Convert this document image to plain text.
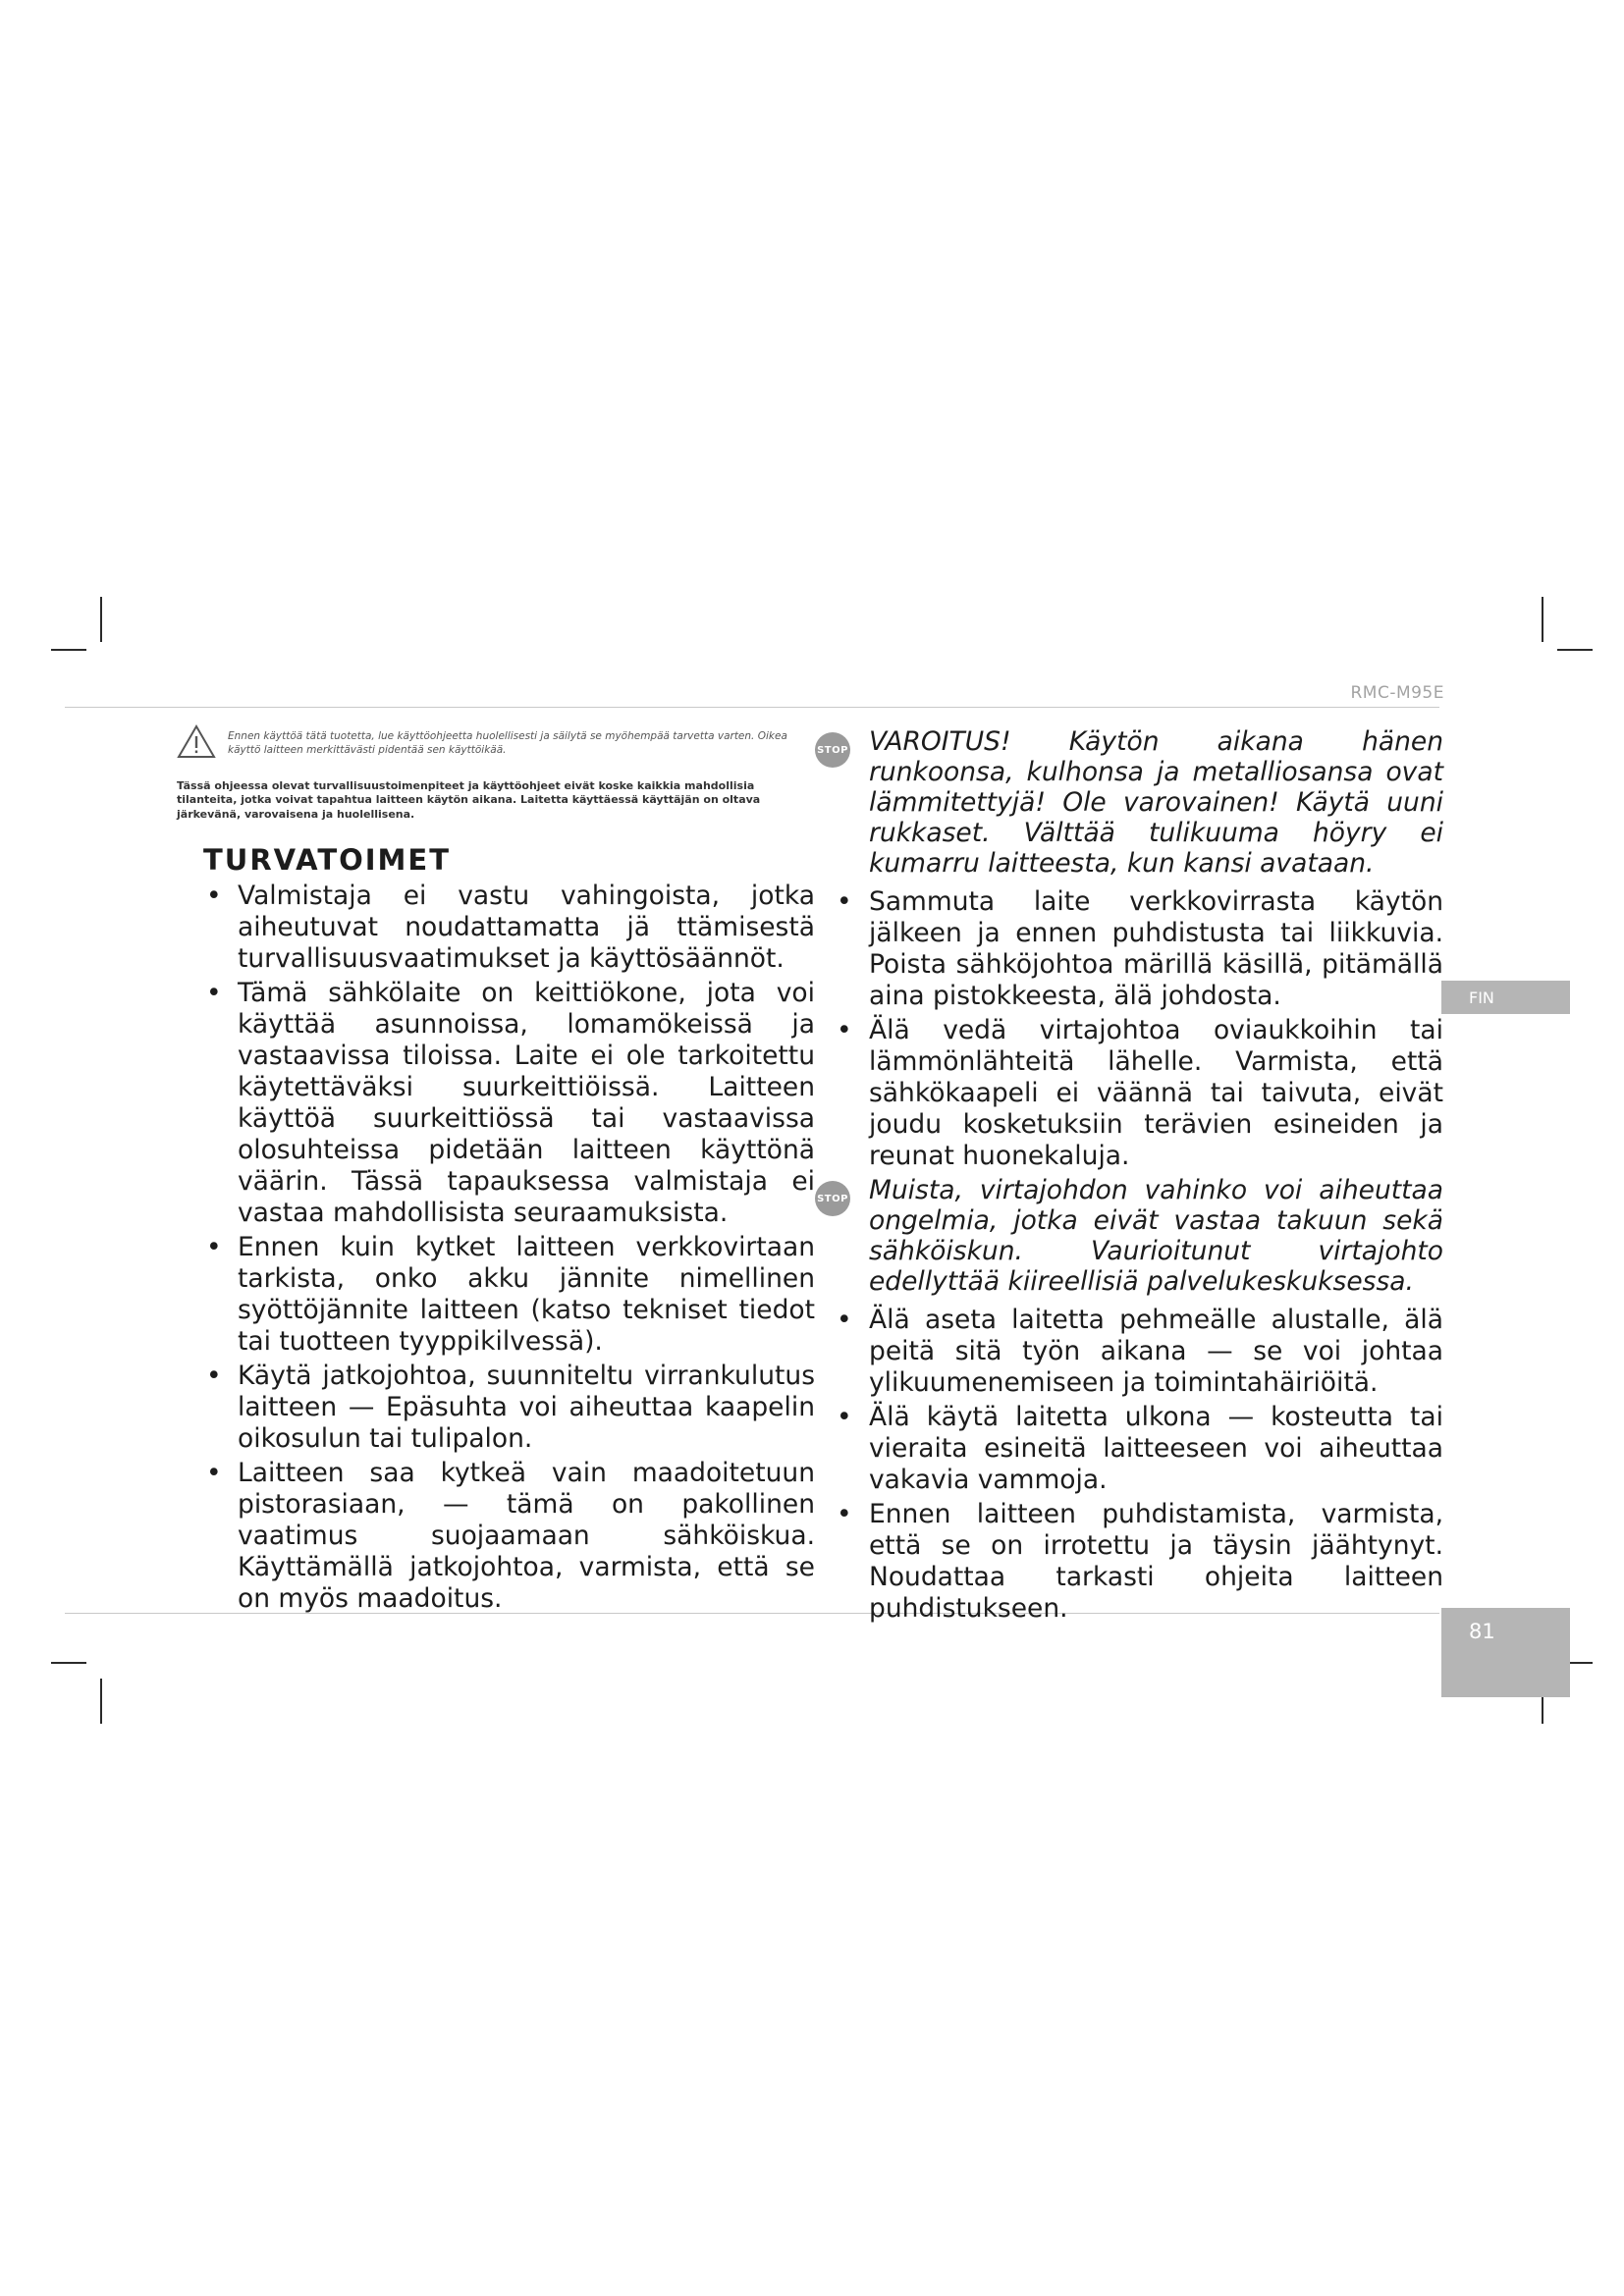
RMC-M95E
FIN
81
Ennen käyttöä tätä tuotetta, lue käyttöohjeetta huolellisesti ja säilytä se myöhempää tarvetta varten. Oikea käyttö laitteen merkittävästi pidentää sen käyttöikää.

Tässä ohjeessa olevat turvallisuustoimenpiteet ja käyttöohjeet eivät koske kaikkia mahdollisia tilanteita, jotka voivat tapahtua laitteen käytön aikana. Laitetta käyttäessä käyttäjän on oltava järkevänä, varovaisena ja huolellisena.

TURVATOIMET
• Valmistaja ei vastu vahingoista, jotka aiheutuvat noudattamatta jä ttämisestä turvallisuusvaatimukset ja käyttösäännöt.
• Tämä sähkölaite on keittiökone, jota voi käyttää asunnoissa, lomamökeissä ja vastaavissa tiloissa. Laite ei ole tarkoitettu käytettäväksi suurkeittiöissä. Laitteen käyttöä suurkeittiössä tai vastaavissa olosuhteissa pidetään laitteen käyttönä väärin. Tässä tapauksessa valmistaja ei vastaa mahdollisista seuraamuksista.
• Ennen kuin kytket laitteen verkkovirtaan tarkista, onko akku jännite nimellinen syöttöjännite laitteen (katso tekniset tiedot tai tuotteen tyyppikilvessä).
• Käytä jatkojohtoa, suunniteltu virrankulutus laitteen — Epäsuhta voi aiheuttaa kaapelin oikosulun tai tulipalon.
• Laitteen saa kytkeä vain maadoitetuun pistorasiaan, — tämä on pakollinen vaatimus suojaamaan sähköiskua. Käyttämällä jatkojohtoa, varmista, että se on myös maadoitus.
STOP VAROITUS! Käytön aikana hänen runkoonsa, kulhonsa ja metalliosansa ovat lämmitettyjä! Ole varovainen! Käytä uuni rukkaset. Välttää tulikuuma höyry ei kumarru laitteesta, kun kansi avataan.
• Sammuta laite verkkovirrasta käytön jälkeen ja ennen puhdistusta tai liikkuvia. Poista sähköjohtoa märillä käsillä, pitämällä aina pistokkeesta, älä johdosta.
• Älä vedä virtajohtoa oviaukkoihin tai lämmönlähteitä lähelle. Varmista, että sähkökaapeli ei väännä tai taivuta, eivät joudu kosketuksiin terävien esineiden ja reunat huonekaluja.
STOP Muista, virtajohdon vahinko voi aiheuttaa ongelmia, jotka eivät vastaa takuun sekä sähköiskun. Vaurioitunut virtajohto edellyttää kiireellisiä palvelukeskuksessa.
• Älä aseta laitetta pehmeälle alustalle, älä peitä sitä työn aikana — se voi johtaa ylikuumenemiseen ja toimintahäiriöitä.
• Älä käytä laitetta ulkona — kosteutta tai vieraita esineitä laitteeseen voi aiheuttaa vakavia vammoja.
• Ennen laitteen puhdistamista, varmista, että se on irrotettu ja täysin jäähtynyt. Noudattaa tarkasti ohjeita laitteen puhdistukseen.
